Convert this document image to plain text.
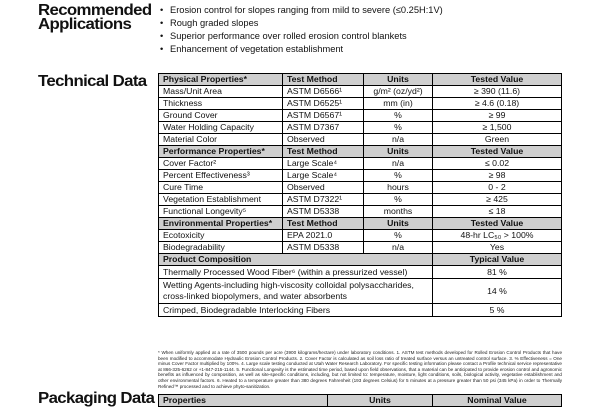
Recommended Applications
• Erosion control for slopes ranging from mild to severe (≤0.25H:1V)
• Rough graded slopes
• Superior performance over rolled erosion control blankets
• Enhancement of vegetation establishment
Technical Data Physical Properties*	Test Method	Units	Tested Value
Mass/Unit Area	ASTM D6566¹	g/m² (oz/yd²)	≥ 390 (11.6)
Thickness	ASTM D6525¹	mm (in)	≥ 4.6 (0.18)
Ground Cover	ASTM D6567¹	%	≥ 99
Water Holding Capacity	ASTM D7367	%	≥ 1,500
Material Color	Observed	n/a	Green
Performance Properties*	Test Method	Units	Tested Value
Cover Factor²	Large Scale⁴	n/a	≤ 0.02
Percent Effectiveness³	Large Scale⁴	%	≥ 98
Cure Time	Observed	hours	0 - 2
Vegetation Establishment	ASTM D7322¹	%	≥ 425
Functional Longevity⁵	ASTM D5338	months	≤ 18
Environmental Properties*	Test Method	Units	Tested Value
Ecotoxicity	EPA 2021.0	%	48-hr LC₅₀ > 100%
Biodegradability	ASTM D5338	n/a	Yes
Product Composition			Typical Value
Thermally Processed Wood Fiber⁶ (within a pressurized vessel)			81 %
Wetting Agents-including high-viscosity colloidal polysaccharides, cross-linked biopolymers, and water absorbents			14 %
Crimped, Biodegradable Interlocking Fibers			5 %
* When uniformly applied at a rate of 3500 pounds per acre (3900 kilograms/hectare) under laboratory conditions. 1. ASTM test methods developed for Rolled Erosion Control Products that have been modified to accommodate Hydraulic Erosion Control Products. 2. Cover Factor is calculated as soil loss ratio of treated surface versus an untreated control surface. 3. % Effectiveness = One minus Cover Factor multiplied by 100%. 4. Large scale testing conducted at Utah Water Research Laboratory. For specific testing information please contact a Profile technical service representative at 866-325-6262 or +1-847-215-1144. 5. Functional Longevity is the estimated time period, based upon field observations, that a material can be anticipated to provide erosion control and agronomic benefits as influenced by composition, as well as site-specific conditions, including, but not limited to: temperature, moisture, light conditions, soils, biological activity, vegetative establishment and other environmental factors. 6. Heated to a temperature greater than 380 degrees Fahrenheit (193 degrees Celsius) for 5 minutes at a pressure greater than 50 psi (345 kPa) in order to Thermally Refined™ processed and to achieve phyto-sanitization.
Packaging Data Properties	Units	Nominal Value
